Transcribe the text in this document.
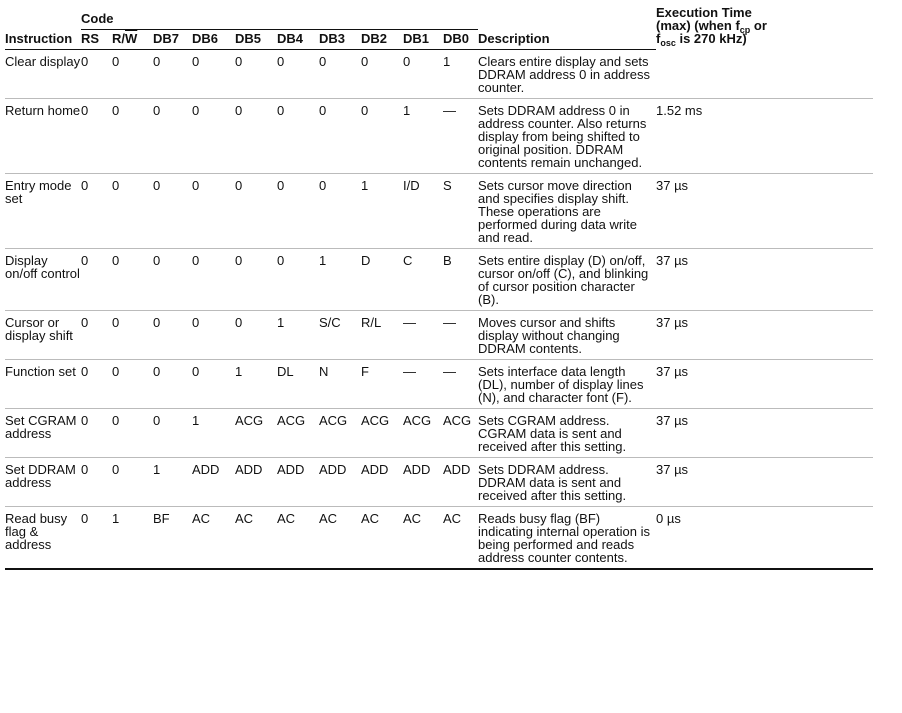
	Code											Execution Time
(max) (when $f_{cp}$ or
$f_{osc}$ is 270 kHz)
Instruction	RS	$R/\overline{W}$	DB7	DB6	DB5	DB4	DB3	DB2	DB1	DB0	Description	
Clear display	0	0	0	0	0	0	0	0	0	1	Clears entire display and sets DDRAM address 0 in address counter.	
Return home	0	0	0	0	0	0	0	0	1	—	Sets DDRAM address 0 in address counter. Also returns display from being shifted to original position. DDRAM contents remain unchanged.	1.52 ms
Entry mode set	0	0	0	0	0	0	0	1	I/D	S	Sets cursor move direction and specifies display shift. These operations are performed during data write and read.	37 µs
Display on/off control	0	0	0	0	0	0	1	D	C	B	Sets entire display (D) on/off, cursor on/off (C), and blinking of cursor position character (B).	37 µs
Cursor or display shift	0	0	0	0	0	1	S/C	R/L	—	—	Moves cursor and shifts display without changing DDRAM contents.	37 µs
Function set	0	0	0	0	1	DL	N	F	—	—	Sets interface data length (DL), number of display lines (N), and character font (F).	37 µs
Set CGRAM address	0	0	0	1	ACG	ACG	ACG	ACG	ACG	ACG	Sets CGRAM address. CGRAM data is sent and received after this setting.	37 µs
Set DDRAM address	0	0	1	ADD	ADD	ADD	ADD	ADD	ADD	ADD	Sets DDRAM address. DDRAM data is sent and received after this setting.	37 µs
Read busy flag & address	0	1	BF	AC	AC	AC	AC	AC	AC	AC	Reads busy flag (BF) indicating internal operation is being performed and reads address counter contents.	0 µs
